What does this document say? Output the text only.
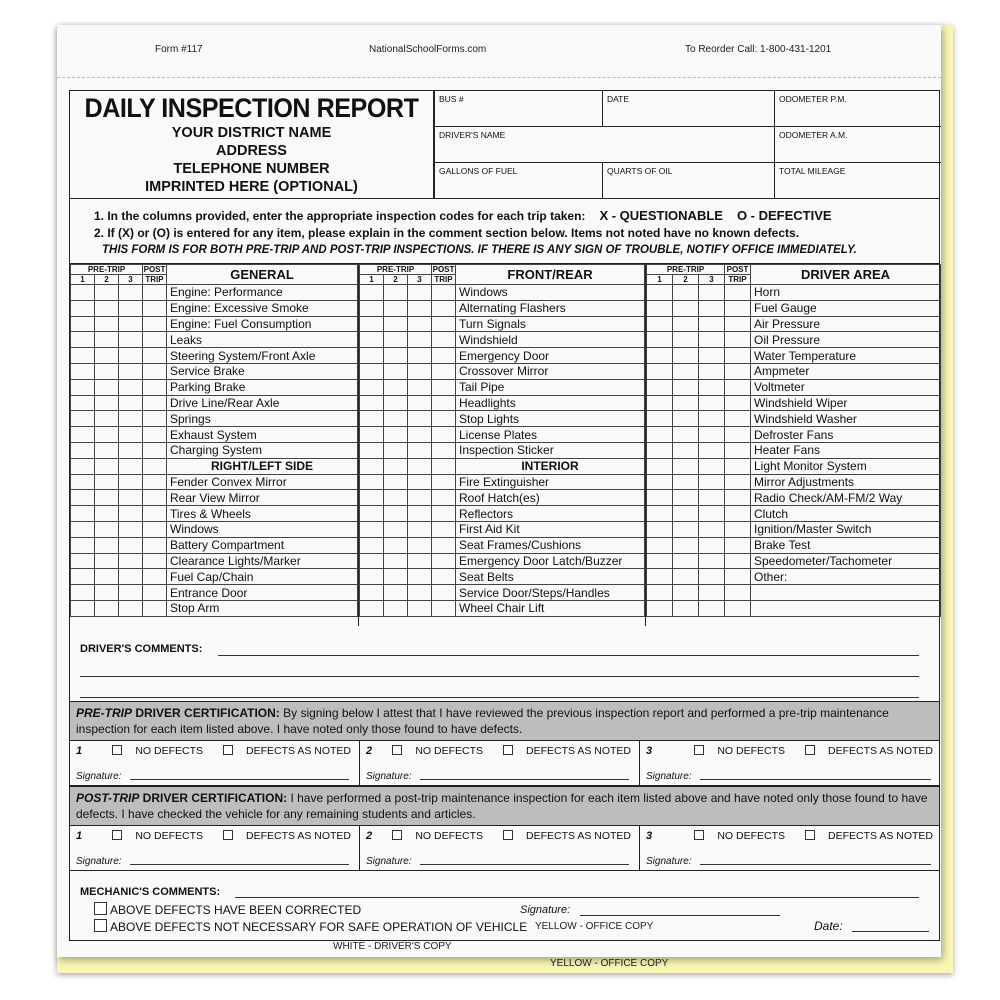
YELLOW - OFFICE COPY
Form #117	NationalSchoolForms.com	To Reorder Call: 1-800-431-1201
DAILY INSPECTION REPORT
YOUR DISTRICT NAME
ADDRESS
TELEPHONE NUMBER
IMPRINTED HERE (OPTIONAL)
BUS #	DATE	ODOMETER P.M.
DRIVER'S NAME	ODOMETER A.M.
GALLONS OF FUEL	QUARTS OF OIL	TOTAL MILEAGE
1. In the columns provided, enter the appropriate inspection codes for each trip taken: X - QUESTIONABLE O - DEFECTIVE
2. If (X) or (O) is entered for any item, please explain in the comment section below. Items not noted have no known defects.
THIS FORM IS FOR BOTH PRE-TRIP AND POST-TRIP INSPECTIONS. IF THERE IS ANY SIGN OF TROUBLE, NOTIFY OFFICE IMMEDIATELY.
PRE-TRIP			POST	GENERAL
1	2	3	TRIP	
				Engine: Performance
				Engine: Excessive Smoke
				Engine: Fuel Consumption
				Leaks
				Steering System/Front Axle
				Service Brake
				Parking Brake
				Drive Line/Rear Axle
				Springs
				Exhaust System
				Charging System
				RIGHT/LEFT SIDE
				Fender Convex Mirror
				Rear View Mirror
				Tires & Wheels
				Windows
				Battery Compartment
				Clearance Lights/Marker
				Fuel Cap/Chain
				Entrance Door
				Stop Arm
PRE-TRIP			POST	FRONT/REAR
1	2	3	TRIP	
				Windows
				Alternating Flashers
				Turn Signals
				Windshield
				Emergency Door
				Crossover Mirror
				Tail Pipe
				Headlights
				Stop Lights
				License Plates
				Inspection Sticker
				INTERIOR
				Fire Extinguisher
				Roof Hatch(es)
				Reflectors
				First Aid Kit
				Seat Frames/Cushions
				Emergency Door Latch/Buzzer
				Seat Belts
				Service Door/Steps/Handles
				Wheel Chair Lift
PRE-TRIP			POST	DRIVER AREA
1	2	3	TRIP	
				Horn
				Fuel Gauge
				Air Pressure
				Oil Pressure
				Water Temperature
				Ampmeter
				Voltmeter
				Windshield Wiper
				Windshield Washer
				Defroster Fans
				Heater Fans
				Light Monitor System
				Mirror Adjustments
				Radio Check/AM-FM/2 Way
				Clutch
				Ignition/Master Switch
				Brake Test
				Speedometer/Tachometer
				Other:

DRIVER'S COMMENTS:
PRE-TRIP DRIVER CERTIFICATION: By signing below I attest that I have reviewed the previous inspection report and performed a pre-trip maintenance inspection for each item listed above. I have noted only those found to have defects.
1	NO DEFECTS	DEFECTS AS NOTED
Signature:
2	NO DEFECTS	DEFECTS AS NOTED
Signature:
3	NO DEFECTS	DEFECTS AS NOTED
Signature:
POST-TRIP DRIVER CERTIFICATION: I have performed a post-trip maintenance inspection for each item listed above and have noted only those found to have defects. I have checked the vehicle for any remaining students and articles.
1	NO DEFECTS	DEFECTS AS NOTED
Signature:
2	NO DEFECTS	DEFECTS AS NOTED
Signature:
3	NO DEFECTS	DEFECTS AS NOTED
Signature:
MECHANIC'S COMMENTS:
ABOVE DEFECTS HAVE BEEN CORRECTED
ABOVE DEFECTS NOT NECESSARY FOR SAFE OPERATION OF VEHICLE
Signature:
Date:
WHITE - DRIVER'S COPY
YELLOW - OFFICE COPY
